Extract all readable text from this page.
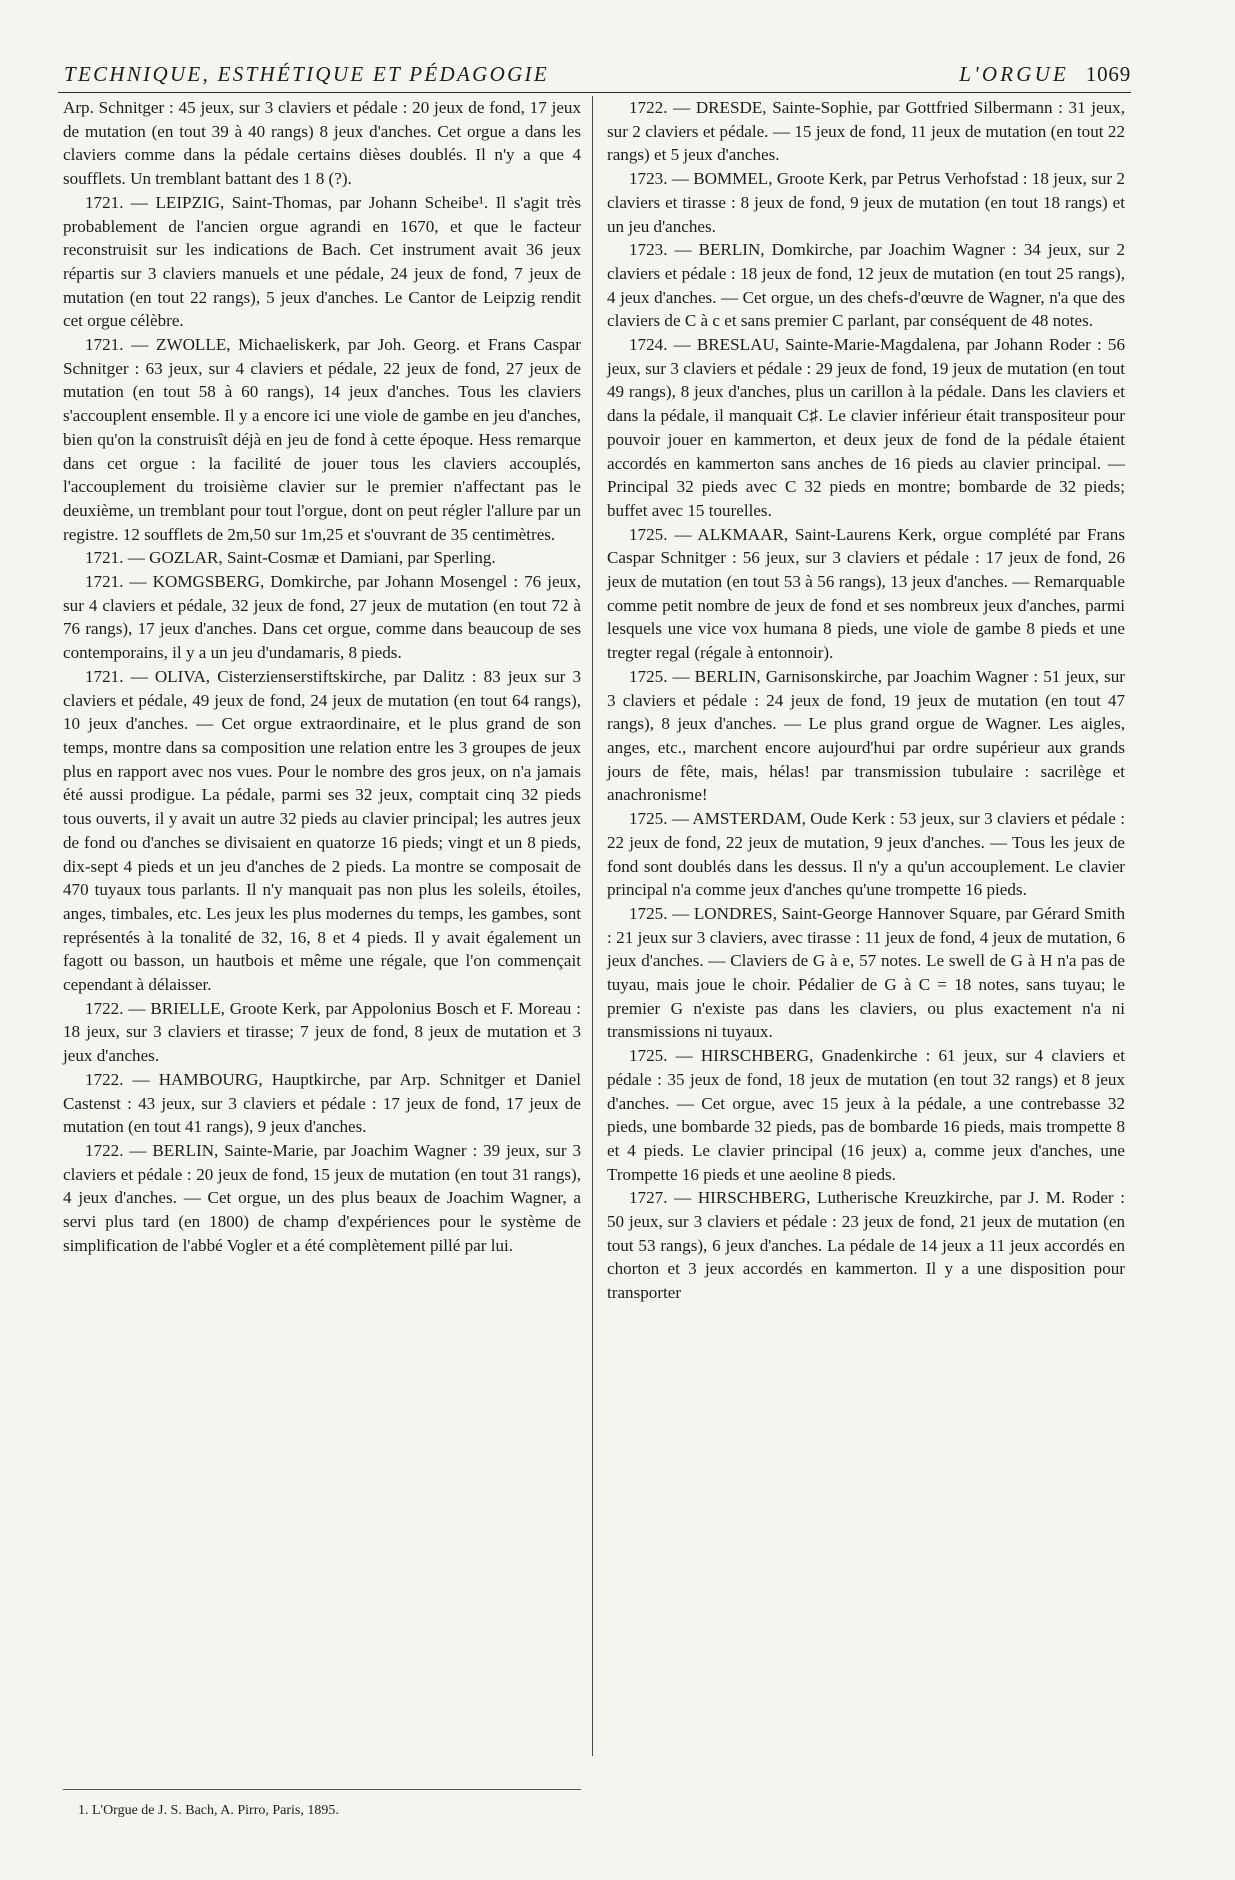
TECHNIQUE, ESTHÉTIQUE ET PÉDAGOGIE	L'ORGUE 1069

Arp. Schnitger : 45 jeux, sur 3 claviers et pédale : 20 jeux de fond, 17 jeux de mutation (en tout 39 à 40 rangs) 8 jeux d'anches. Cet orgue a dans les claviers comme dans la pédale certains dièses doublés. Il n'y a que 4 soufflets. Un tremblant battant des 1 8 (?).

1721. — LEIPZIG, Saint-Thomas, par Johann Scheibe¹. Il s'agit très probablement de l'ancien orgue agrandi en 1670, et que le facteur reconstruisit sur les indications de Bach. Cet instrument avait 36 jeux répartis sur 3 claviers manuels et une pédale, 24 jeux de fond, 7 jeux de mutation (en tout 22 rangs), 5 jeux d'anches. Le Cantor de Leipzig rendit cet orgue célèbre.

1721. — ZWOLLE, Michaeliskerk, par Joh. Georg. et Frans Caspar Schnitger : 63 jeux, sur 4 claviers et pédale, 22 jeux de fond, 27 jeux de mutation (en tout 58 à 60 rangs), 14 jeux d'anches. Tous les claviers s'accouplent ensemble. Il y a encore ici une viole de gambe en jeu d'anches, bien qu'on la construisît déjà en jeu de fond à cette époque. Hess remarque dans cet orgue : la facilité de jouer tous les claviers accouplés, l'accouplement du troisième clavier sur le premier n'affectant pas le deuxième, un tremblant pour tout l'orgue, dont on peut régler l'allure par un registre. 12 soufflets de 2m,50 sur 1m,25 et s'ouvrant de 35 centimètres.

1721. — GOZLAR, Saint-Cosmæ et Damiani, par Sperling.

1721. — KOMGSBERG, Domkirche, par Johann Mosengel : 76 jeux, sur 4 claviers et pédale, 32 jeux de fond, 27 jeux de mutation (en tout 72 à 76 rangs), 17 jeux d'anches. Dans cet orgue, comme dans beaucoup de ses contemporains, il y a un jeu d'undamaris, 8 pieds.

1721. — OLIVA, Cisterzienserstiftskirche, par Dalitz : 83 jeux sur 3 claviers et pédale, 49 jeux de fond, 24 jeux de mutation (en tout 64 rangs), 10 jeux d'anches. — Cet orgue extraordinaire, et le plus grand de son temps, montre dans sa composition une relation entre les 3 groupes de jeux plus en rapport avec nos vues. Pour le nombre des gros jeux, on n'a jamais été aussi prodigue. La pédale, parmi ses 32 jeux, comptait cinq 32 pieds tous ouverts, il y avait un autre 32 pieds au clavier principal; les autres jeux de fond ou d'anches se divisaient en quatorze 16 pieds; vingt et un 8 pieds, dix-sept 4 pieds et un jeu d'anches de 2 pieds. La montre se composait de 470 tuyaux tous parlants. Il n'y manquait pas non plus les soleils, étoiles, anges, timbales, etc. Les jeux les plus modernes du temps, les gambes, sont représentés à la tonalité de 32, 16, 8 et 4 pieds. Il y avait également un fagott ou basson, un hautbois et même une régale, que l'on commençait cependant à délaisser.

1722. — BRIELLE, Groote Kerk, par Appolonius Bosch et F. Moreau : 18 jeux, sur 3 claviers et tirasse; 7 jeux de fond, 8 jeux de mutation et 3 jeux d'anches.

1722. — HAMBOURG, Hauptkirche, par Arp. Schnitger et Daniel Castenst : 43 jeux, sur 3 claviers et pédale : 17 jeux de fond, 17 jeux de mutation (en tout 41 rangs), 9 jeux d'anches.

1722. — BERLIN, Sainte-Marie, par Joachim Wagner : 39 jeux, sur 3 claviers et pédale : 20 jeux de fond, 15 jeux de mutation (en tout 31 rangs), 4 jeux d'anches. — Cet orgue, un des plus beaux de Joachim Wagner, a servi plus tard (en 1800) de champ d'expériences pour le système de simplification de l'abbé Vogler et a été complètement pillé par lui.

1722. — DRESDE, Sainte-Sophie, par Gottfried Silbermann : 31 jeux, sur 2 claviers et pédale. — 15 jeux de fond, 11 jeux de mutation (en tout 22 rangs) et 5 jeux d'anches.

1723. — BOMMEL, Groote Kerk, par Petrus Verhofstad : 18 jeux, sur 2 claviers et tirasse : 8 jeux de fond, 9 jeux de mutation (en tout 18 rangs) et un jeu d'anches.

1723. — BERLIN, Domkirche, par Joachim Wagner : 34 jeux, sur 2 claviers et pédale : 18 jeux de fond, 12 jeux de mutation (en tout 25 rangs), 4 jeux d'anches. — Cet orgue, un des chefs-d'œuvre de Wagner, n'a que des claviers de C à c et sans premier C parlant, par conséquent de 48 notes.

1724. — BRESLAU, Sainte-Marie-Magdalena, par Johann Roder : 56 jeux, sur 3 claviers et pédale : 29 jeux de fond, 19 jeux de mutation (en tout 49 rangs), 8 jeux d'anches, plus un carillon à la pédale. Dans les claviers et dans la pédale, il manquait C♯. Le clavier inférieur était transpositeur pour pouvoir jouer en kammerton, et deux jeux de fond de la pédale étaient accordés en kammerton sans anches de 16 pieds au clavier principal. — Principal 32 pieds avec C 32 pieds en montre; bombarde de 32 pieds; buffet avec 15 tourelles.

1725. — ALKMAAR, Saint-Laurens Kerk, orgue complété par Frans Caspar Schnitger : 56 jeux, sur 3 claviers et pédale : 17 jeux de fond, 26 jeux de mutation (en tout 53 à 56 rangs), 13 jeux d'anches. — Remarquable comme petit nombre de jeux de fond et ses nombreux jeux d'anches, parmi lesquels une vice vox humana 8 pieds, une viole de gambe 8 pieds et une tregter regal (régale à entonnoir).

1725. — BERLIN, Garnisonskirche, par Joachim Wagner : 51 jeux, sur 3 claviers et pédale : 24 jeux de fond, 19 jeux de mutation (en tout 47 rangs), 8 jeux d'anches. — Le plus grand orgue de Wagner. Les aigles, anges, etc., marchent encore aujourd'hui par ordre supérieur aux grands jours de fête, mais, hélas! par transmission tubulaire : sacrilège et anachronisme!

1725. — AMSTERDAM, Oude Kerk : 53 jeux, sur 3 claviers et pédale : 22 jeux de fond, 22 jeux de mutation, 9 jeux d'anches. — Tous les jeux de fond sont doublés dans les dessus. Il n'y a qu'un accouplement. Le clavier principal n'a comme jeux d'anches qu'une trompette 16 pieds.

1725. — LONDRES, Saint-George Hannover Square, par Gérard Smith : 21 jeux sur 3 claviers, avec tirasse : 11 jeux de fond, 4 jeux de mutation, 6 jeux d'anches. — Claviers de G à e, 57 notes. Le swell de G à H n'a pas de tuyau, mais joue le choir. Pédalier de G à C = 18 notes, sans tuyau; le premier G n'existe pas dans les claviers, ou plus exactement n'a ni transmissions ni tuyaux.

1725. — HIRSCHBERG, Gnadenkirche : 61 jeux, sur 4 claviers et pédale : 35 jeux de fond, 18 jeux de mutation (en tout 32 rangs) et 8 jeux d'anches. — Cet orgue, avec 15 jeux à la pédale, a une contrebasse 32 pieds, une bombarde 32 pieds, pas de bombarde 16 pieds, mais trompette 8 et 4 pieds. Le clavier principal (16 jeux) a, comme jeux d'anches, une Trompette 16 pieds et une aeoline 8 pieds.

1727. — HIRSCHBERG, Lutherische Kreuzkirche, par J. M. Roder : 50 jeux, sur 3 claviers et pédale : 23 jeux de fond, 21 jeux de mutation (en tout 53 rangs), 6 jeux d'anches. La pédale de 14 jeux a 11 jeux accordés en chorton et 3 jeux accordés en kammerton. Il y a une disposition pour transporter

1. L'Orgue de J. S. Bach, A. Pirro, Paris, 1895.
